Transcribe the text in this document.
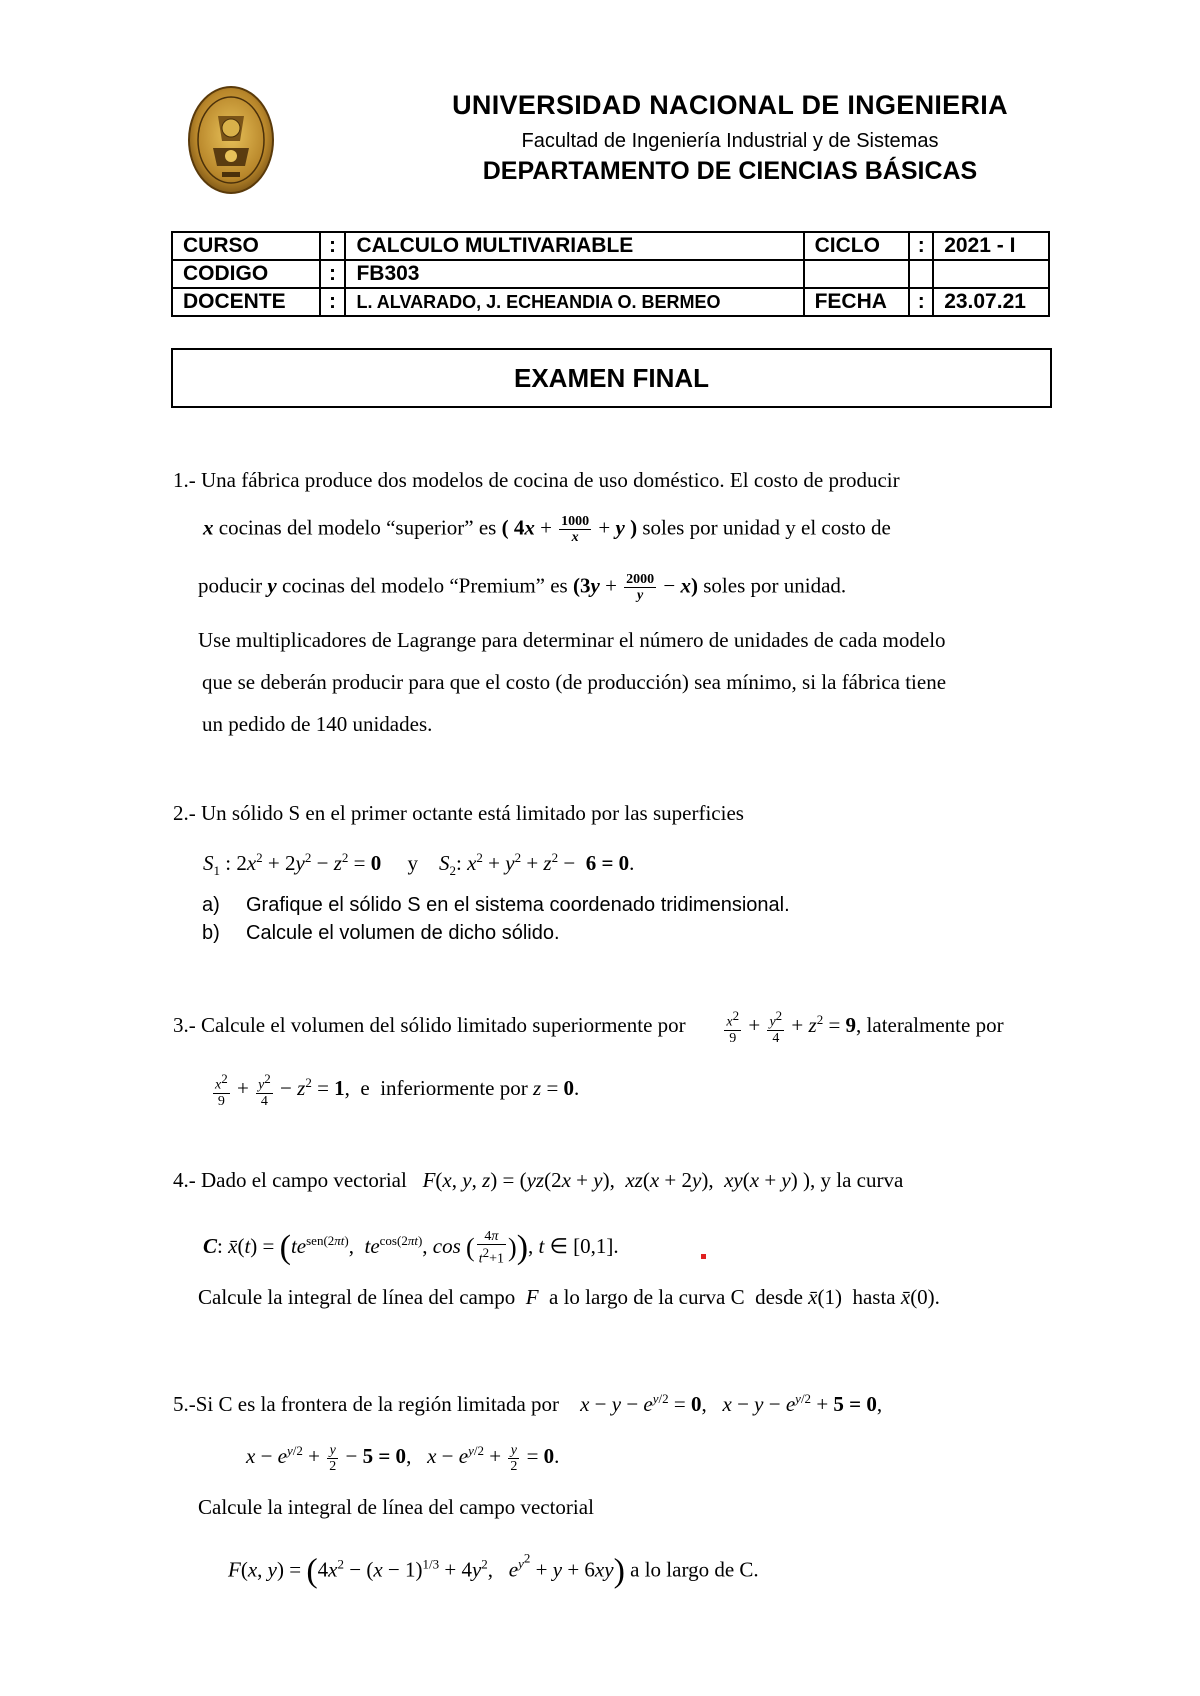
UNIVERSIDAD NACIONAL DE INGENIERIA
Facultad de Ingeniería Industrial y de Sistemas
DEPARTAMENTO DE CIENCIAS BÁSICAS
CURSO	:	CALCULO MULTIVARIABLE	CICLO	:	2021 - I
CODIGO	:	FB303			
DOCENTE	:	L. ALVARADO, J. ECHEANDIA O. BERMEO	FECHA	:	23.07.21
EXAMEN FINAL
1.- Una fábrica produce dos modelos de cocina de uso doméstico. El costo de producir
x cocinas del modelo “superior” es ( $4x + \frac{1000}{x} + y$ ) soles por unidad y el costo de
poducir y cocinas del modelo “Premium” es $(3y + \frac{2000}{y} - x)$ soles por unidad.
Use multiplicadores de Lagrange para determinar el número de unidades de cada modelo
que se deberán producir para que el costo (de producción) sea mínimo, si la fábrica tiene
un pedido de 140 unidades.
2.- Un sólido S en el primer octante está limitado por las superficies
$S_1$ : $2x^2 + 2y^2 - z^2 = 0$     y    $S_2$: $x^2 + y^2 + z^2 - 6 = 0$.
a) Grafique el sólido S en el sistema coordenado tridimensional.
b) Calcule el volumen de dicho sólido.
3.- Calcule el volumen del sólido limitado superiormente por	$\frac{x^2}{9} + \frac{y^2}{4} + z^2 = 9$, lateralmente por
$\frac{x^2}{9} + \frac{y^2}{4} - z^2 = 1$,  e  inferiormente por z = 0.
4.- Dado el campo vectorial F(x, y, z) = (yz(2x + y),  xz(x + 2y),  xy(x + y) ), y la curva
C: x̄(t) = ($te^{sen(2\pi t)}$,  $te^{cos(2\pi t)}$, cos ( $\frac{4\pi}{t^2+1}$ )), t ∈ [0,1].
Calcule la integral de línea del campo F  a lo largo de la curva C  desde x̄(1)  hasta x̄(0).
5.-Si C es la frontera de la región limitada por $x - y - e^{y/2} = 0$,   $x - y - e^{y/2} + 5 = 0$,
$x - e^{y/2} + \frac{y}{2} - 5 = 0$,   $x - e^{y/2} + \frac{y}{2} = 0$.
Calcule la integral de línea del campo vectorial
F(x, $y) = (4x^2 - (x - 1)^{1/3} + 4y^2$,   $e^{y^2} + y + 6xy$) a lo largo de C.
